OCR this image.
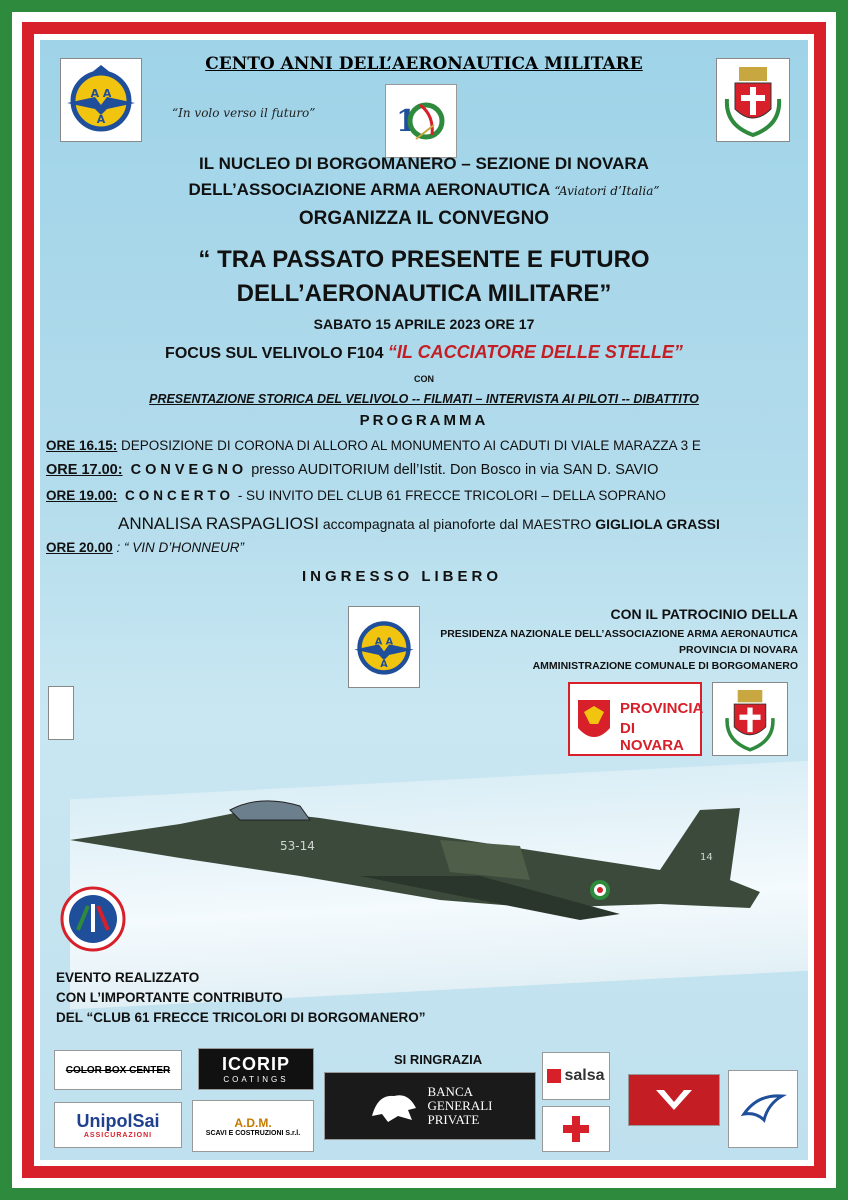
A A
A
CENTO ANNI DELL’AERONAUTICA MILITARE
“In volo verso il futuro”	1
IL NUCLEO DI BORGOMANERO – SEZIONE DI NOVARA
DELL’ASSOCIAZIONE ARMA AERONAUTICA “Aviatori d’Italia”
ORGANIZZA IL CONVEGNO
“ TRA PASSATO PRESENTE E FUTURO
DELL’AERONAUTICA MILITARE”
SABATO 15 APRILE 2023 ORE 17
FOCUS SUL VELIVOLO F104 “IL CACCIATORE DELLE STELLE”
CON
PRESENTAZIONE STORICA DEL VELIVOLO -- FILMATI – INTERVISTA AI PILOTI -- DIBATTITO
PROGRAMMA
ORE 16.15: DEPOSIZIONE DI CORONA DI ALLORO AL MONUMENTO AI CADUTI DI VIALE MARAZZA 3 E
ORE 17.00: CONVEGNO presso AUDITORIUM dell’Istit. Don Bosco in via SAN D. SAVIO
ORE 19.00: CONCERTO - SU INVITO DEL CLUB 61 FRECCE TRICOLORI – DELLA SOPRANO
ANNALISA RASPAGLIOSI accompagnata al pianoforte dal MAESTRO GIGLIOLA GRASSI
ORE 20.00 : “ VIN D’HONNEUR”
INGRESSO LIBERO
A A
A
CON IL PATROCINIO DELLA
PRESIDENZA NAZIONALE DELL’ASSOCIAZIONE ARMA AERONAUTICA
PROVINCIA DI NOVARA
AMMINISTRAZIONE COMUNALE DI BORGOMANERO
PROVINCIA
DI NOVARA
53-14
14
EVENTO REALIZZATO
CON L’IMPORTANTE CONTRIBUTO
DEL “CLUB 61 FRECCE TRICOLORI DI BORGOMANERO”
SI RINGRAZIA
COLOR BOX CENTER	ICORIP
COATINGS
BANCA
GENERALI
PRIVATE
salsa
UnipolSai
ASSICURAZIONI
A.D.M.
SCAVI E COSTRUZIONI S.r.l.
